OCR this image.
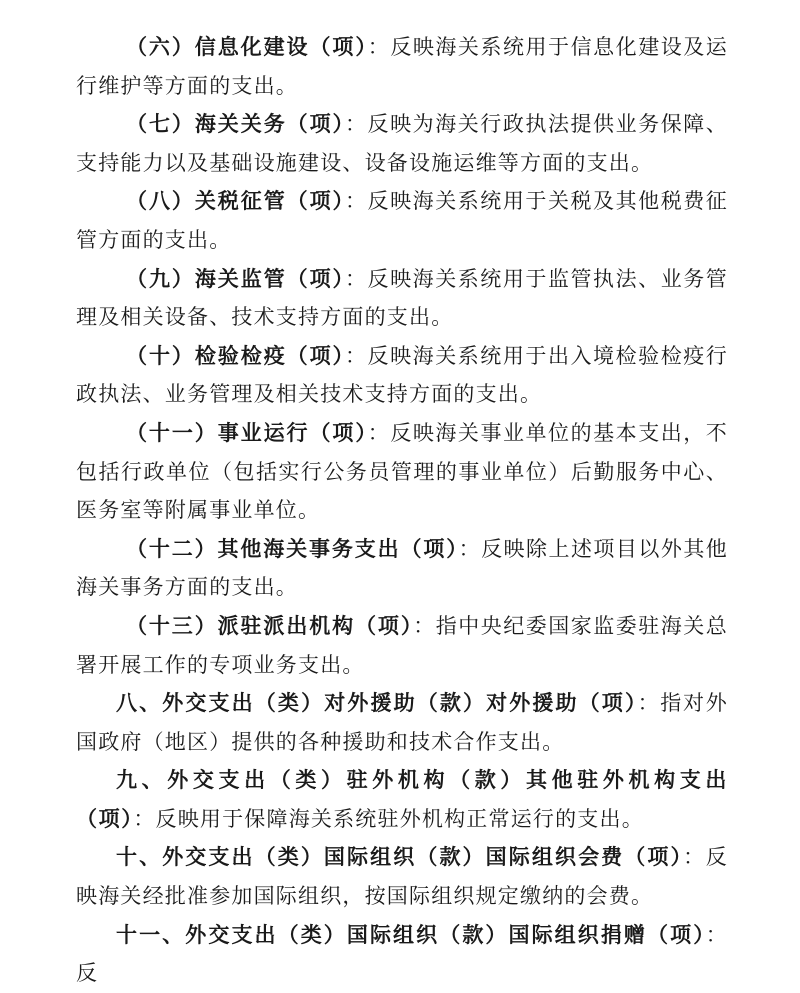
（六）信息化建设（项）：反映海关系统用于信息化建设及运行维护等方面的支出。

（七）海关关务（项）：反映为海关行政执法提供业务保障、支持能力以及基础设施建设、设备设施运维等方面的支出。

（八）关税征管（项）：反映海关系统用于关税及其他税费征管方面的支出。

（九）海关监管（项）：反映海关系统用于监管执法、业务管理及相关设备、技术支持方面的支出。

（十）检验检疫（项）：反映海关系统用于出入境检验检疫行政执法、业务管理及相关技术支持方面的支出。

（十一）事业运行（项）：反映海关事业单位的基本支出，不包括行政单位（包括实行公务员管理的事业单位）后勤服务中心、医务室等附属事业单位。

（十二）其他海关事务支出（项）：反映除上述项目以外其他海关事务方面的支出。

（十三）派驻派出机构（项）：指中央纪委国家监委驻海关总署开展工作的专项业务支出。

八、外交支出（类）对外援助（款）对外援助（项）：指对外国政府（地区）提供的各种援助和技术合作支出。

九、外交支出（类）驻外机构（款）其他驻外机构支出（项）：反映用于保障海关系统驻外机构正常运行的支出。

十、外交支出（类）国际组织（款）国际组织会费（项）：反映海关经批准参加国际组织，按国际组织规定缴纳的会费。

十一、外交支出（类）国际组织（款）国际组织捐赠（项）：反
